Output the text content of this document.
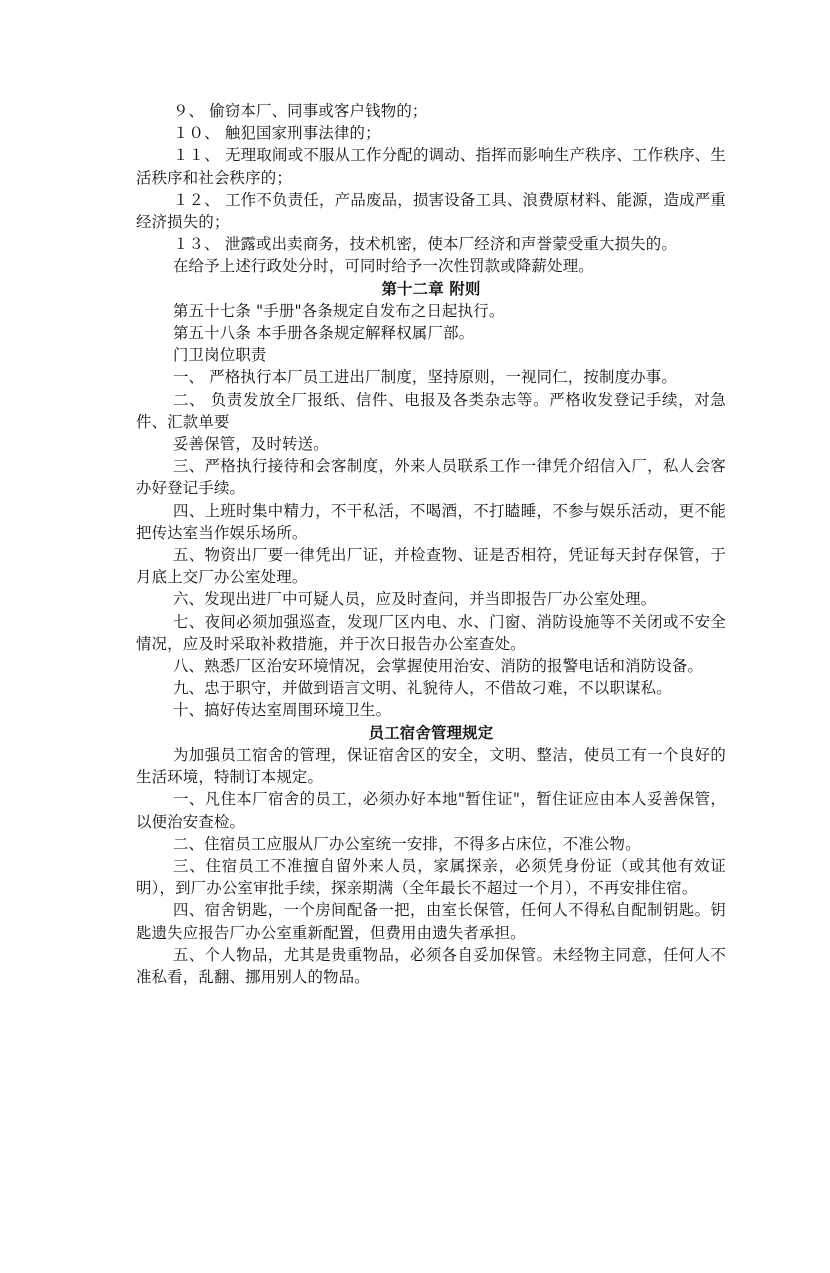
９、 偷窃本厂、同事或客户钱物的；

１０、 触犯国家刑事法律的；

１１、 无理取闹或不服从工作分配的调动、指挥而影响生产秩序、工作秩序、生活秩序和社会秩序的；

１２、 工作不负责任，产品废品，损害设备工具、浪费原材料、能源，造成严重经济损失的；

１３、 泄露或出卖商务，技术机密，使本厂经济和声誉蒙受重大损失的。

在给予上述行政处分时，可同时给予一次性罚款或降薪处理。

第十二章 附则

第五十七条 "手册"各条规定自发布之日起执行。

第五十八条 本手册各条规定解释权属厂部。

门卫岗位职责

一、 严格执行本厂员工进出厂制度，坚持原则，一视同仁，按制度办事。

二、 负责发放全厂报纸、信件、电报及各类杂志等。严格收发登记手续，对急件、汇款单要

妥善保管，及时转送。

三、严格执行接待和会客制度，外来人员联系工作一律凭介绍信入厂，私人会客办好登记手续。

四、上班时集中精力，不干私活，不喝酒，不打瞌睡，不参与娱乐活动，更不能把传达室当作娱乐场所。

五、物资出厂要一律凭出厂证，并检查物、证是否相符，凭证每天封存保管，于月底上交厂办公室处理。

六、发现出进厂中可疑人员，应及时查问，并当即报告厂办公室处理。

七、夜间必须加强巡查，发现厂区内电、水、门窗、消防设施等不关闭或不安全情况，应及时采取补救措施，并于次日报告办公室查处。

八、熟悉厂区治安环境情况，会掌握使用治安、消防的报警电话和消防设备。

九、忠于职守，并做到语言文明、礼貌待人，不借故刁难，不以职谋私。

十、搞好传达室周围环境卫生。

员工宿舍管理规定

为加强员工宿舍的管理，保证宿舍区的安全，文明、整洁，使员工有一个良好的生活环境，特制订本规定。

一、凡住本厂宿舍的员工，必须办好本地"暂住证"，暂住证应由本人妥善保管，以便治安查检。

二、住宿员工应服从厂办公室统一安排，不得多占床位，不准公物。

三、住宿员工不准擅自留外来人员，家属探亲，必须凭身份证（或其他有效证明），到厂办公室审批手续，探亲期满（全年最长不超过一个月），不再安排住宿。

四、宿舍钥匙，一个房间配备一把，由室长保管，任何人不得私自配制钥匙。钥匙遗失应报告厂办公室重新配置，但费用由遗失者承担。

五、个人物品，尤其是贵重物品，必须各自妥加保管。未经物主同意，任何人不准私看，乱翻、挪用别人的物品。
